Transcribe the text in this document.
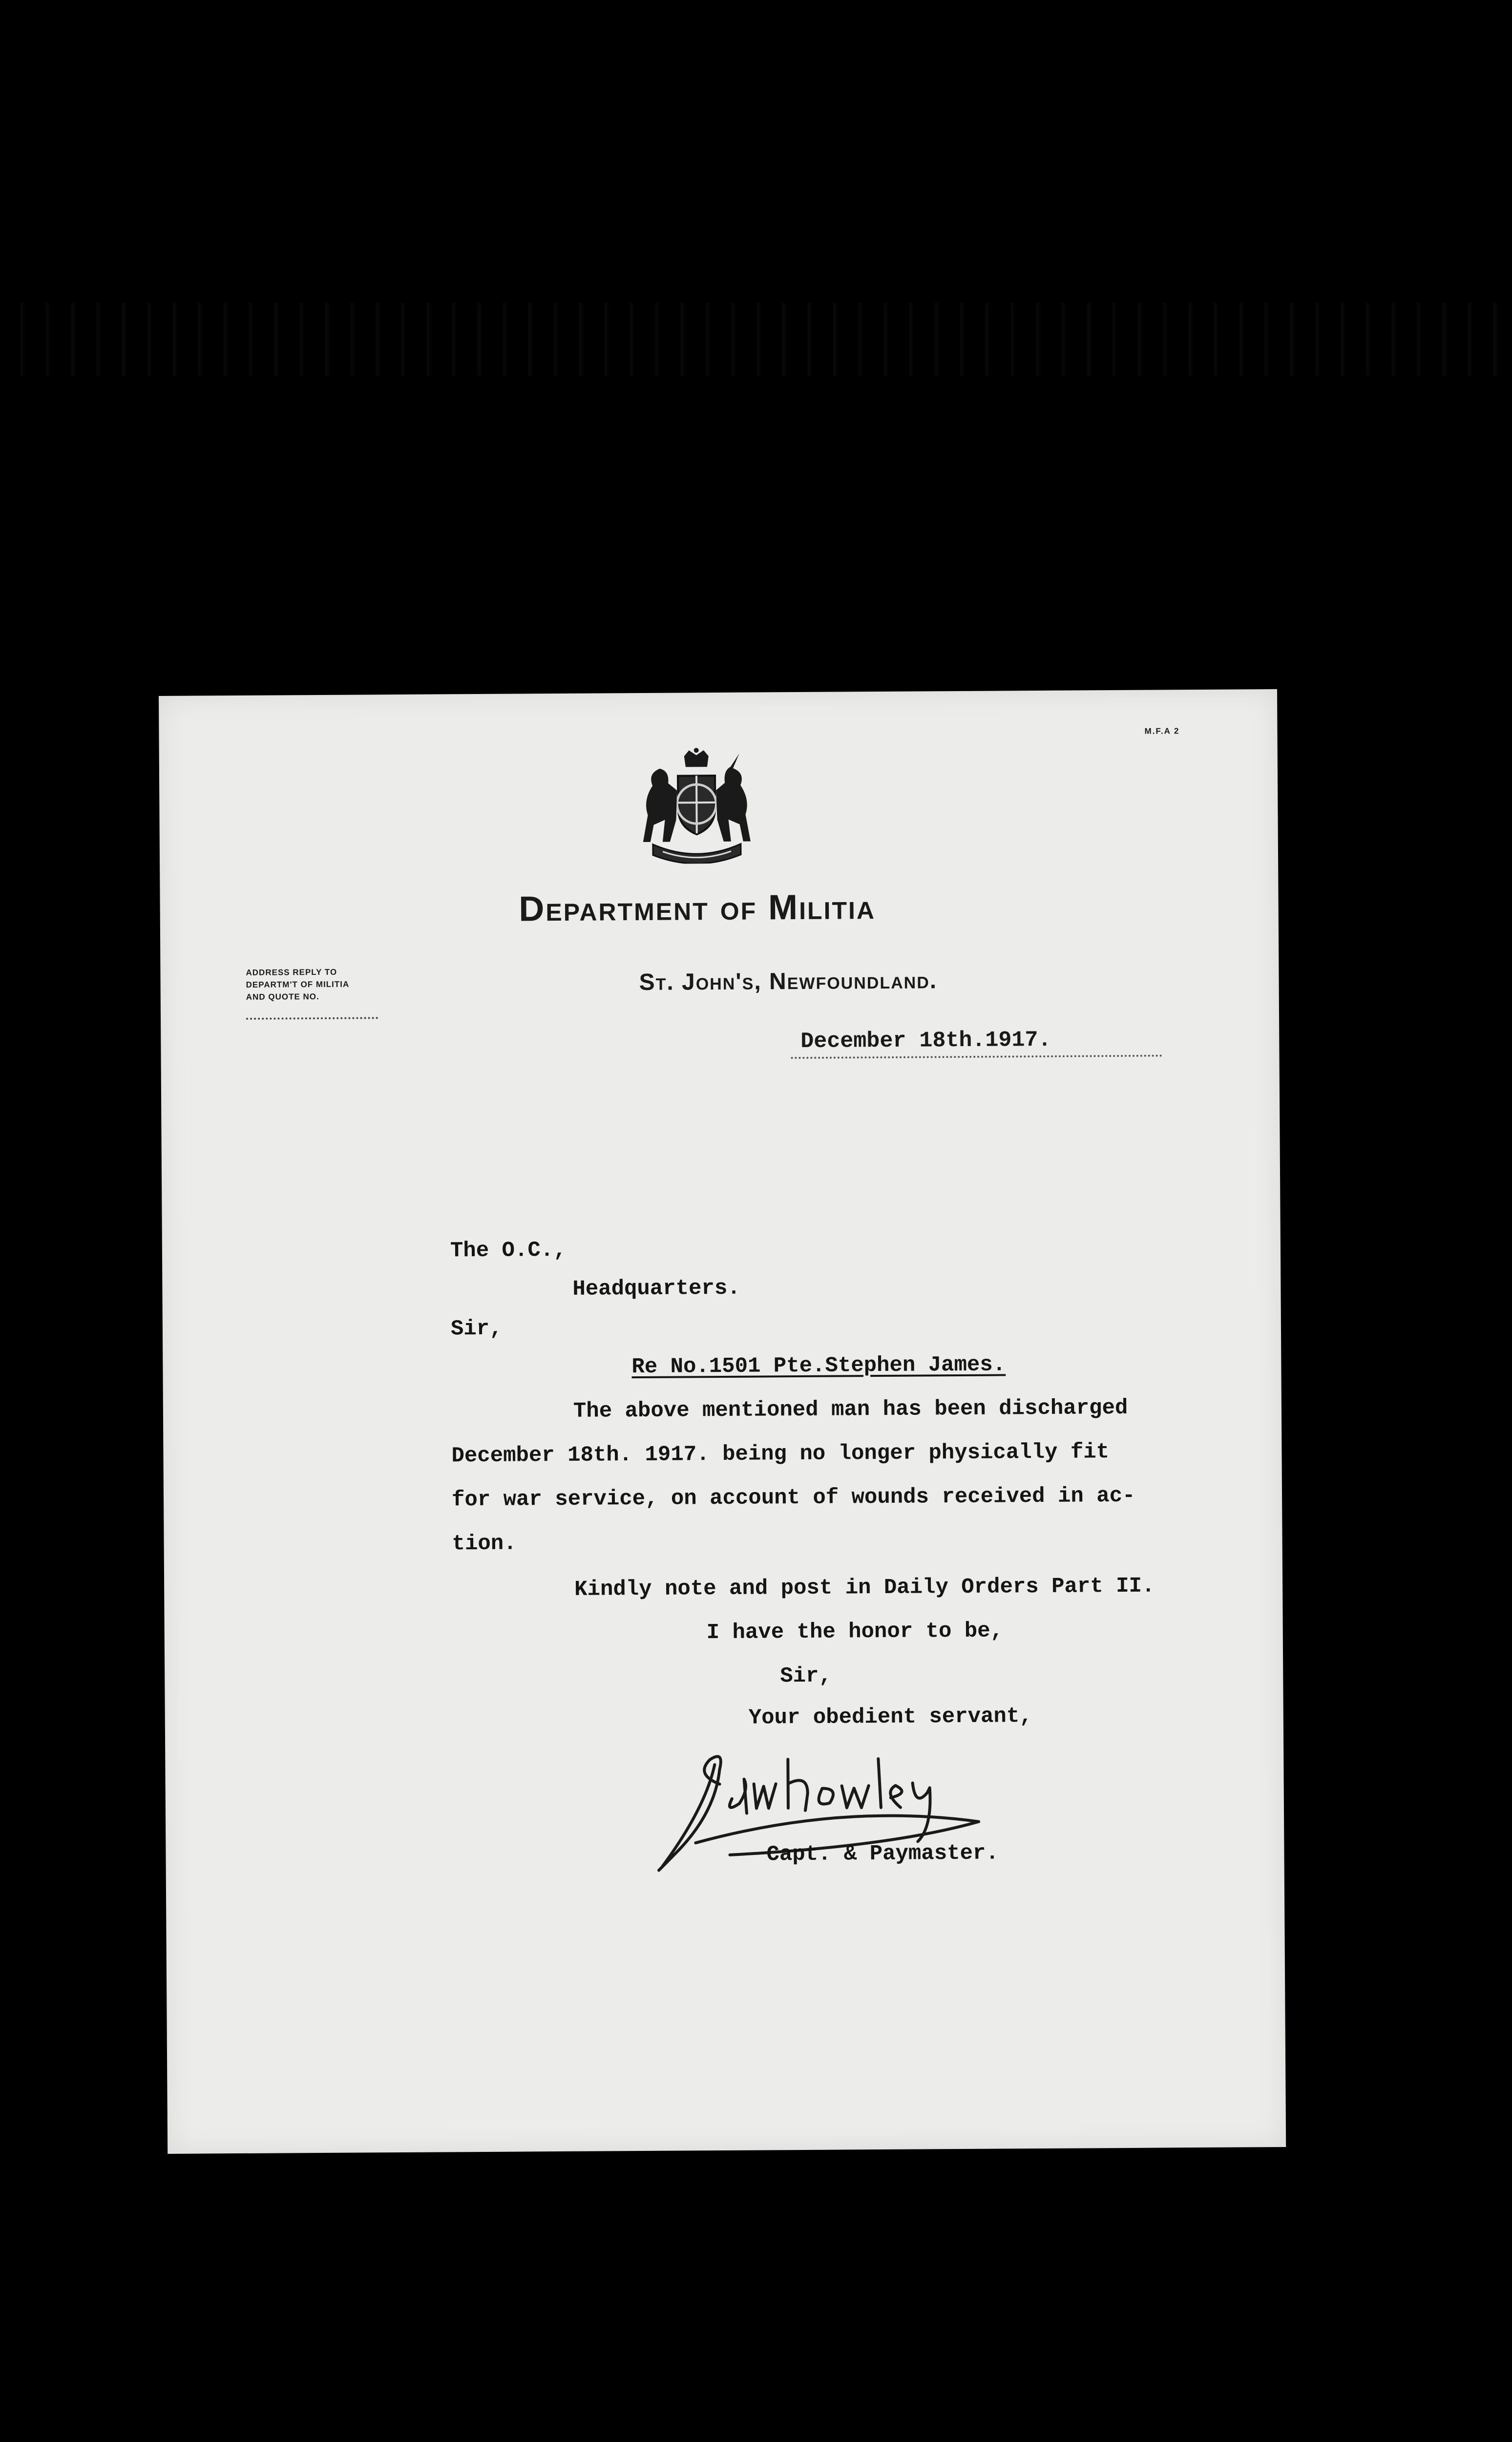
M.F.A 2
Department of Militia
ADDRESS REPLY TO
DEPARTM'T OF MILITIA
AND QUOTE NO.
St. John's, Newfoundland.
December 18th.1917.
The O.C.,
Headquarters.
Sir,
Re No.1501 Pte.Stephen James.
The above mentioned man has been discharged
December 18th. 1917. being no longer physically fit
for war service, on account of wounds received in ac-
tion.
Kindly note and post in Daily Orders Part II.
I have the honor to be,
Sir,
Your obedient servant,
Capt. & Paymaster.
